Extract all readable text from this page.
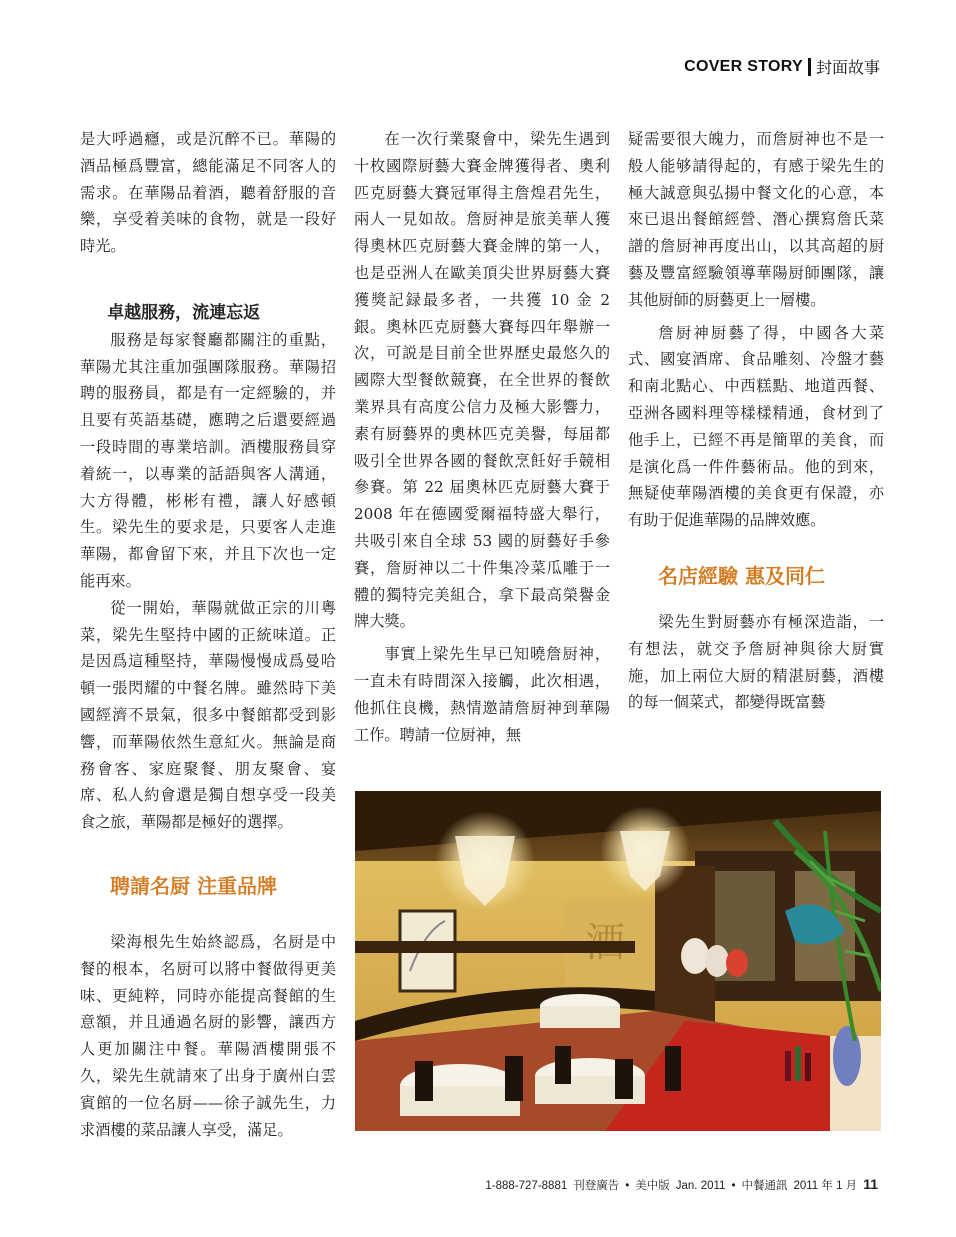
COVER STORY 封面故事

是大呼過癮，或是沉醉不已。華陽的酒品極爲豐富，總能滿足不同客人的需求。在華陽品着酒，聽着舒服的音樂，享受着美味的食物，就是一段好時光。

卓越服務，流連忘返

服務是每家餐廳都關注的重點，華陽尤其注重加强團隊服務。華陽招聘的服務員，都是有一定經驗的，并且要有英語基礎，應聘之后還要經過一段時間的專業培訓。酒樓服務員穿着統一，以專業的話語與客人溝通，大方得體，彬彬有禮，讓人好感頓生。梁先生的要求是，只要客人走進華陽，都會留下來，并且下次也一定能再來。

從一開始，華陽就做正宗的川粵菜，梁先生堅持中國的正統味道。正是因爲這種堅持，華陽慢慢成爲曼哈頓一張閃耀的中餐名牌。雖然時下美國經濟不景氣，很多中餐館都受到影響，而華陽依然生意紅火。無論是商務會客、家庭聚餐、朋友聚會、宴席、私人約會還是獨自想享受一段美食之旅，華陽都是極好的選擇。

聘請名厨 注重品牌

梁海根先生始終認爲，名厨是中餐的根本，名厨可以將中餐做得更美味、更純粹，同時亦能提高餐館的生意額，并且通過名厨的影響，讓西方人更加關注中餐。華陽酒樓開張不久，梁先生就請來了出身于廣州白雲賓館的一位名厨——徐子誠先生，力求酒樓的菜品讓人享受，滿足。

在一次行業聚會中，梁先生遇到十枚國際厨藝大賽金牌獲得者、奧利匹克厨藝大賽冠軍得主詹煌君先生，兩人一見如故。詹厨神是旅美華人獲得奧林匹克厨藝大賽金牌的第一人，也是亞洲人在歐美頂尖世界厨藝大賽獲獎記録最多者，一共獲 10 金 2 銀。奧林匹克厨藝大賽每四年舉辦一次，可説是目前全世界歷史最悠久的國際大型餐飲競賽，在全世界的餐飲業界具有高度公信力及極大影響力，素有厨藝界的奧林匹克美譽，每届都吸引全世界各國的餐飲烹飪好手競相參賽。第 22 届奧林匹克厨藝大賽于 2008 年在德國愛爾福特盛大舉行，共吸引來自全球 53 國的厨藝好手參賽，詹厨神以二十件集冷菜瓜雕于一體的獨特完美組合，拿下最高榮譽金牌大獎。

事實上梁先生早已知曉詹厨神，一直未有時間深入接觸，此次相遇，他抓住良機，熱情邀請詹厨神到華陽工作。聘請一位厨神，無

疑需要很大魄力，而詹厨神也不是一般人能够請得起的，有感于梁先生的極大誠意與弘揚中餐文化的心意，本來已退出餐館經營、潛心撰寫詹氏菜譜的詹厨神再度出山，以其高超的厨藝及豐富經驗領導華陽厨師團隊，讓其他厨師的厨藝更上一層樓。

詹厨神厨藝了得，中國各大菜式、國宴酒席、食品雕刻、冷盤才藝和南北點心、中西糕點、地道西餐、亞洲各國料理等樣樣精通，食材到了他手上，已經不再是簡單的美食，而是演化爲一件件藝術品。他的到來，無疑使華陽酒樓的美食更有保證，亦有助于促進華陽的品牌效應。

名店經驗 惠及同仁

梁先生對厨藝亦有極深造詣，一有想法，就交予詹厨神與徐大厨實施，加上兩位大厨的精湛厨藝，酒樓的每一個菜式，都變得既富藝

1-888-727-8881 刊登廣告 • 美中版 Jan. 2011 • 中餐通訊 2011 年 1 月 11
